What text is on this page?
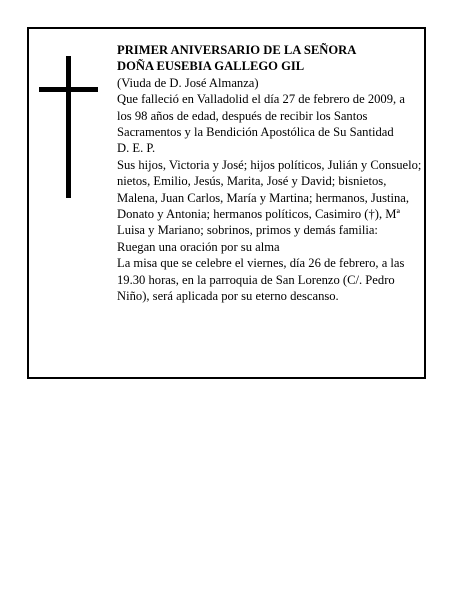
PRIMER ANIVERSARIO DE LA SEÑORA

DOÑA EUSEBIA GALLEGO GIL

(Viuda de D. José Almanza)

Que falleció en Valladolid el día 27 de febrero de 2009, a los 98 años de edad, después de recibir los Santos Sacramentos y la Bendición Apostólica de Su Santidad

D. E. P.

Sus hijos, Victoria y José; hijos políticos, Julián y Consuelo; nietos, Emilio, Jesús, Marita, José y David; bisnietos, Malena, Juan Carlos, María y Martina; hermanos, Justina, Donato y Antonia; hermanos políticos, Casimiro (†), Mª Luisa y Mariano; sobrinos, primos y demás familia:

Ruegan una oración por su alma

La misa que se celebre el viernes, día 26 de febrero, a las 19.30 horas, en la parroquia de San Lorenzo (C/. Pedro Niño), será aplicada por su eterno descanso.
